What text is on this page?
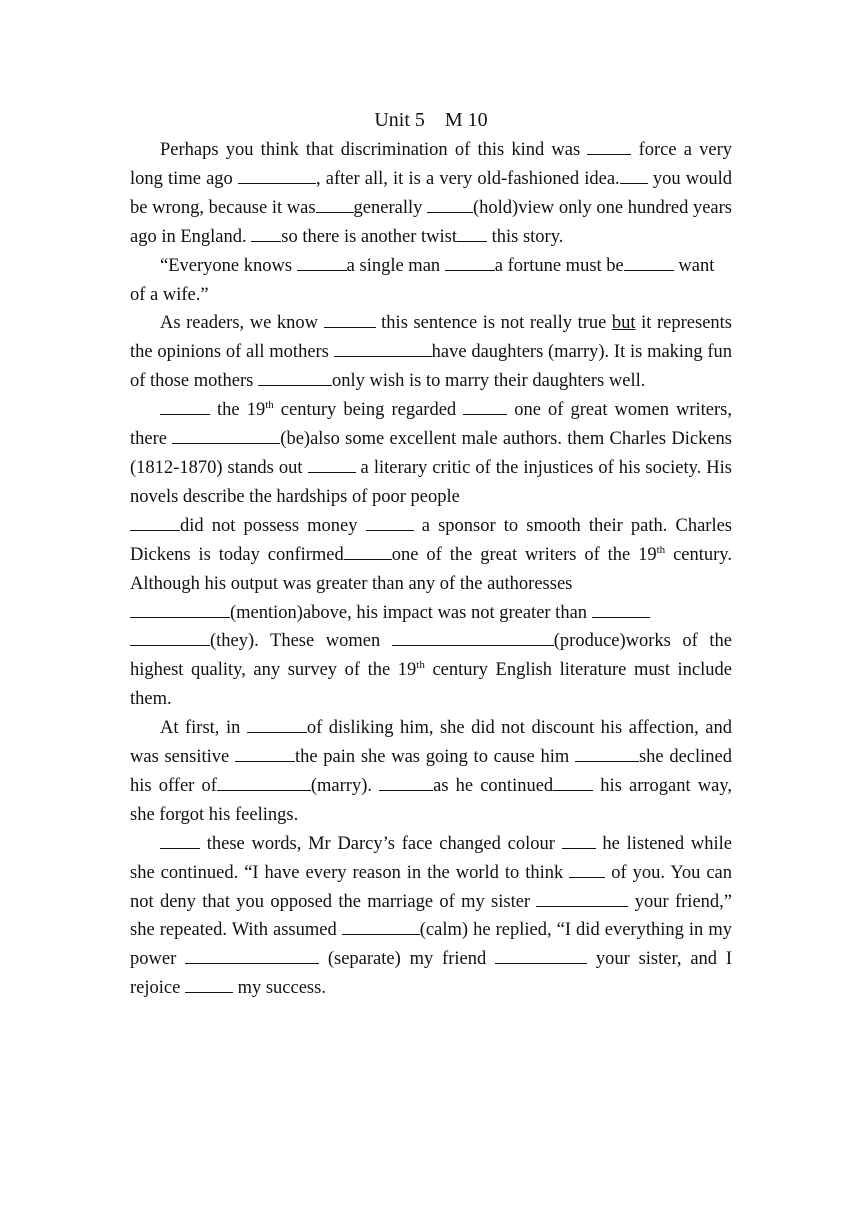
Unit 5　M 10

Perhaps you think that discrimination of this kind was  force a very long time ago	, after all, it is a very old-fashioned idea. you would be wrong, because it was generally (hold)view only one hundred years ago in England. so there is another twist this story.

“Everyone knows	a single man	a fortune must be	want of a wife.”

As readers, we know	this sentence is not really true but it represents the opinions of all mothers	have daughters (marry). It is making fun of those mothers	only wish is to marry their daughters well.

the 19th century being regarded  one of great women writers, there	(be)also some excellent male authors. them Charles Dickens (1812-1870) stands out	a literary critic of the injustices of his society. His novels describe the hardships of poor people

did not possess money	a sponsor to smooth their path. Charles Dickens is today confirmed	one of the great writers of the 19th century. Although his output was greater than any of the authoresses

(mention)above, his impact was not greater than

(they). These women	(produce)works of the highest quality, any survey of the 19th century English literature must include them.

At first, in	of disliking him, she did not discount his affection, and was sensitive	the pain she was going to cause him	she declined his offer of	(marry).	as he continued his arrogant way, she forgot his feelings.

these words, Mr Darcy’s face changed colour  he listened while she continued. “I have every reason in the world to think  of you. You can not deny that you opposed the marriage of my sister	your friend,” she repeated. With assumed	(calm) he replied, “I did everything in my power	(separate) my friend	your sister, and I rejoice	my success.
